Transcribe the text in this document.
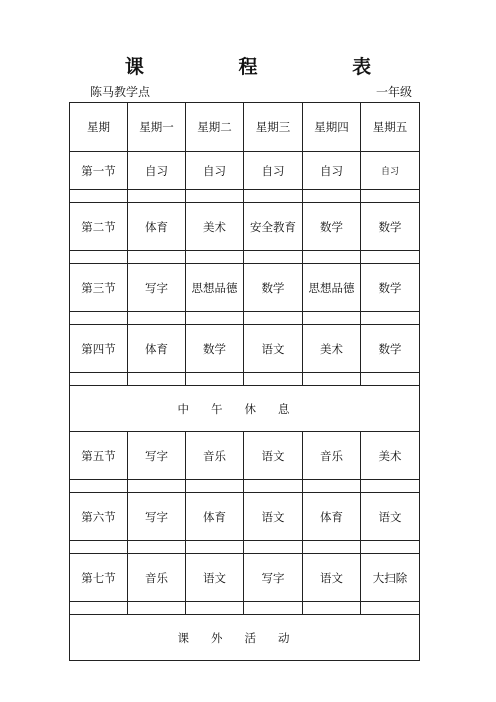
课 程 表
陈马教学点	一年级
星期	星期一	星期二	星期三	星期四	星期五
第一节	自习	自习	自习	自习	自习

第二节	体育	美术	安全教育	数学	数学

第三节	写字	思想品德	数学	思想品德	数学

第四节	体育	数学	语文	美术	数学

中午休息					
第五节	写字	音乐	语文	音乐	美术

第六节	写字	体育	语文	体育	语文

第七节	音乐	语文	写字	语文	大扫除

课外活动					
